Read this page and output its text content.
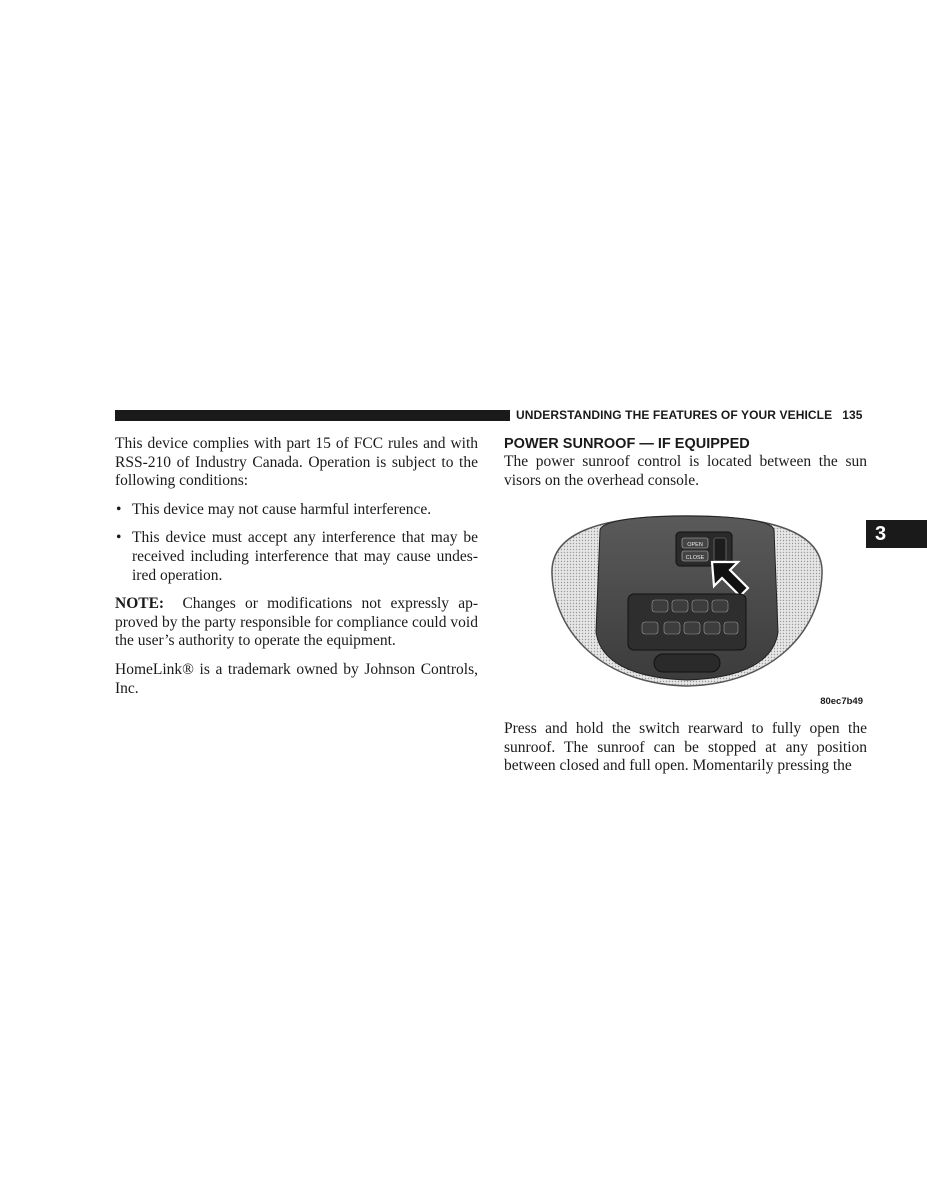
UNDERSTANDING THE FEATURES OF YOUR VEHICLE 135
3

This device complies with part 15 of FCC rules and with RSS-210 of Industry Canada. Operation is subject to the following conditions:

• This device may not cause harmful interference.
• This device must accept any interference that may be received including interference that may cause undes-ired operation.

NOTE: Changes or modifications not expressly ap-proved by the party responsible for compliance could void the user’s authority to operate the equipment.

HomeLink® is a trademark owned by Johnson Controls, Inc.

POWER SUNROOF — IF EQUIPPED

The power sunroof control is located between the sun visors on the overhead console.

OPEN
CLOSE
80ec7b49

Press and hold the switch rearward to fully open the sunroof. The sunroof can be stopped at any position between closed and full open. Momentarily pressing the
